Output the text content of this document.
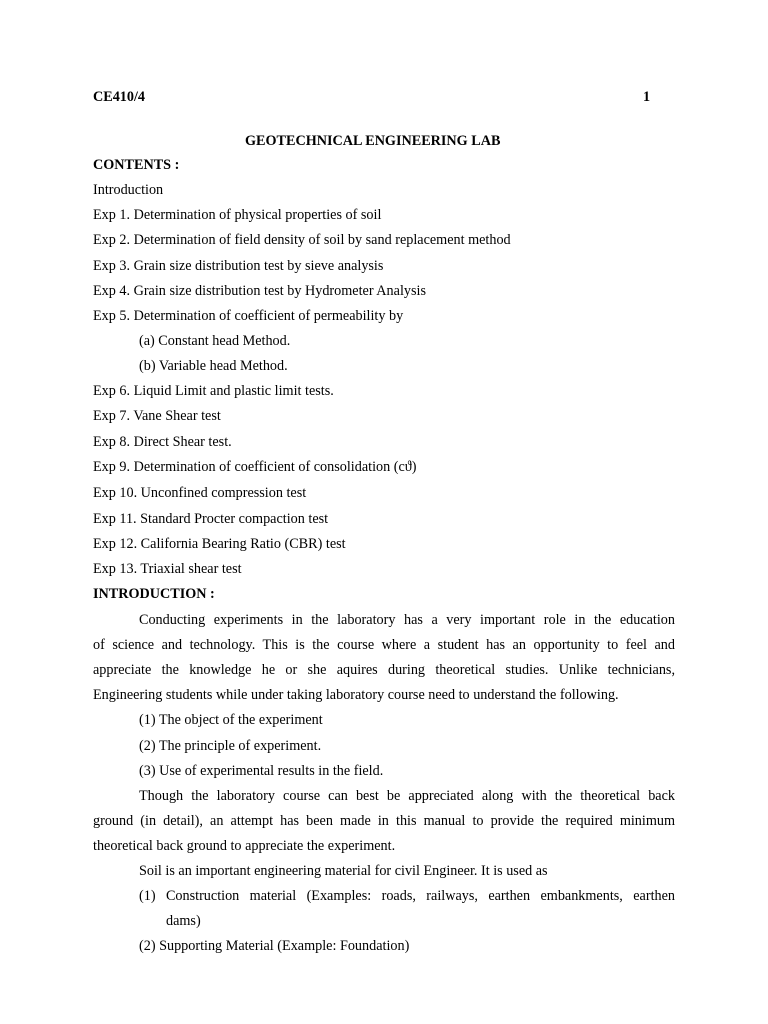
CE410/4	1
GEOTECHNICAL ENGINEERING LAB
CONTENTS :
Introduction
Exp 1. Determination of physical properties of soil
Exp 2. Determination of field density of soil by sand replacement method
Exp 3. Grain size distribution test by sieve analysis
Exp 4. Grain size distribution test by Hydrometer Analysis
Exp 5. Determination of coefficient of permeability by
(a) Constant head Method.
(b) Variable head Method.
Exp 6. Liquid Limit and plastic limit tests.
Exp 7. Vane Shear test
Exp 8. Direct Shear test.
Exp 9. Determination of coefficient of consolidation (cϑ)
Exp 10. Unconfined compression test
Exp 11. Standard Procter compaction test
Exp 12. California Bearing Ratio (CBR) test
Exp 13. Triaxial shear test
INTRODUCTION :
Conducting experiments in the laboratory has a very important role in the education
of science and technology. This is the course where a student has an opportunity to feel and
appreciate the knowledge he or she aquires during theoretical studies. Unlike technicians,
Engineering students while under taking laboratory course need to understand the following.
(1) The object of the experiment
(2) The principle of experiment.
(3) Use of experimental results in the field.
Though the laboratory course can best be appreciated along with the theoretical back
ground (in detail), an attempt has been made in this manual to provide the required minimum
theoretical back ground to appreciate the experiment.
Soil is an important engineering material for civil Engineer. It is used as
(1) Construction material (Examples: roads, railways, earthen embankments, earthen
dams)
(2) Supporting Material (Example: Foundation)
